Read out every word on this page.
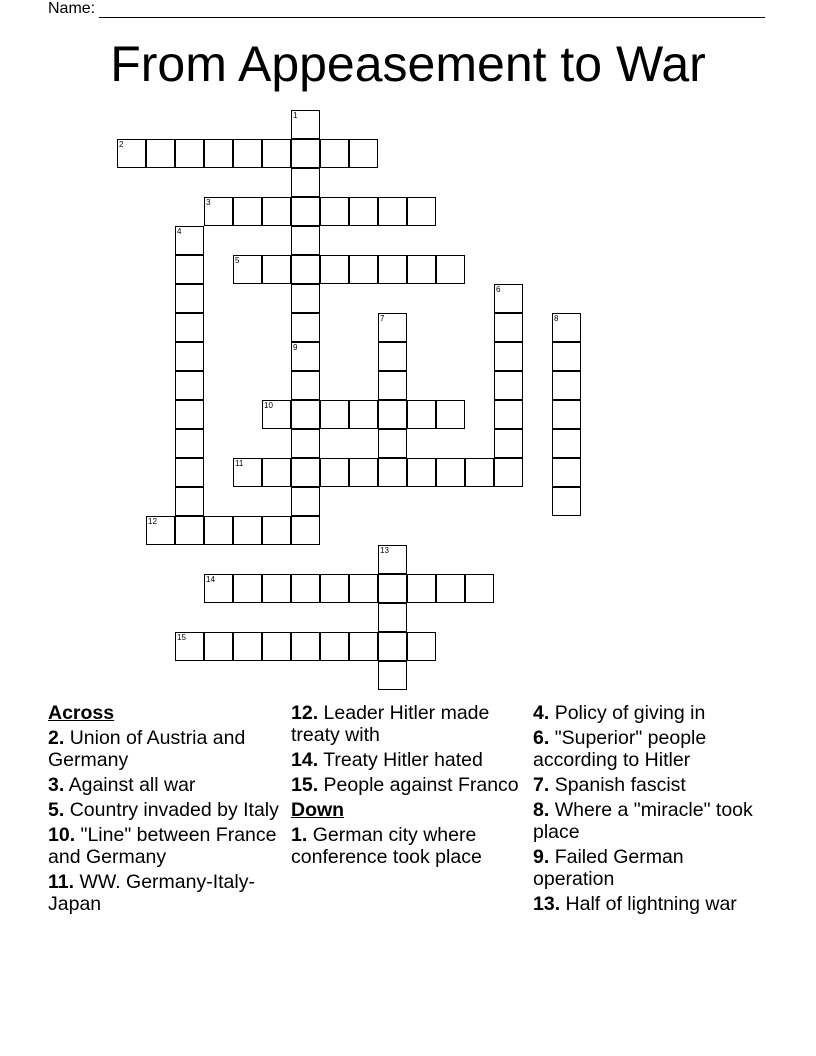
Name:
From Appeasement to War
1
2
3
4
5
6
7	8
9
10
11
12
13
14
15
Across
2. Union of Austria and Germany
3. Against all war
5. Country invaded by Italy
10. "Line" between France and Germany
11. WW. Germany-Italy-Japan
12. Leader Hitler made treaty with
14. Treaty Hitler hated
15. People against Franco
Down
1. German city where conference took place
4. Policy of giving in
6. "Superior" people according to Hitler
7. Spanish fascist
8. Where a "miracle" took place
9. Failed German operation
13. Half of lightning war
